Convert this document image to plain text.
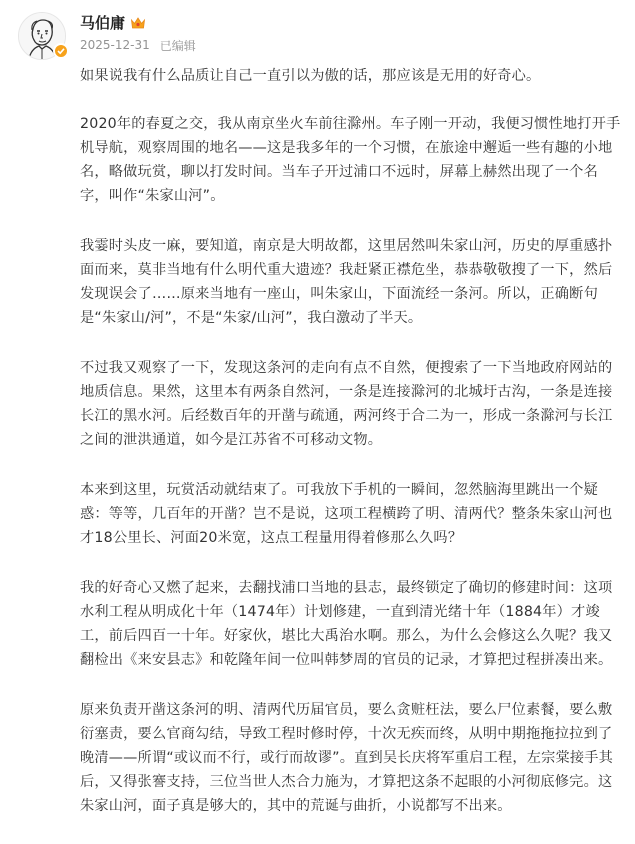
马伯庸
2025-12-31 已编辑

如果说我有什么品质让自己一直引以为傲的话，那应该是无用的好奇心。

2020年的春夏之交，我从南京坐火车前往滁州。车子刚一开动，我便习惯性地打开手机导航，观察周围的地名——这是我多年的一个习惯，在旅途中邂逅一些有趣的小地名，略做玩赏，聊以打发时间。当车子开过浦口不远时，屏幕上赫然出现了一个名字，叫作“朱家山河”。

我霎时头皮一麻，要知道，南京是大明故都，这里居然叫朱家山河，历史的厚重感扑面而来，莫非当地有什么明代重大遗迹？我赶紧正襟危坐，恭恭敬敬搜了一下，然后发现误会了……原来当地有一座山，叫朱家山，下面流经一条河。所以，正确断句是“朱家山/河”，不是“朱家/山河”，我白激动了半天。

不过我又观察了一下，发现这条河的走向有点不自然，便搜索了一下当地政府网站的地质信息。果然，这里本有两条自然河，一条是连接滁河的北城圩古沟，一条是连接长江的黑水河。后经数百年的开凿与疏通，两河终于合二为一，形成一条滁河与长江之间的泄洪通道，如今是江苏省不可移动文物。

本来到这里，玩赏活动就结束了。可我放下手机的一瞬间，忽然脑海里跳出一个疑惑：等等，几百年的开凿？岂不是说，这项工程横跨了明、清两代？整条朱家山河也才18公里长、河面20米宽，这点工程量用得着修那么久吗？

我的好奇心又燃了起来，去翻找浦口当地的县志，最终锁定了确切的修建时间：这项水利工程从明成化十年（1474年）计划修建，一直到清光绪十年（1884年）才竣工，前后四百一十年。好家伙，堪比大禹治水啊。那么，为什么会修这么久呢？我又翻检出《来安县志》和乾隆年间一位叫韩梦周的官员的记录，才算把过程拼凑出来。

原来负责开凿这条河的明、清两代历届官员，要么贪赃枉法，要么尸位素餐，要么敷衍塞责，要么官商勾结，导致工程时修时停，十次无疾而终，从明中期拖拖拉拉到了晚清——所谓“或议而不行，或行而故谬”。直到吴长庆将军重启工程，左宗棠接手其后，又得张謇支持，三位当世人杰合力施为，才算把这条不起眼的小河彻底修完。这朱家山河，面子真是够大的，其中的荒诞与曲折，小说都写不出来。
